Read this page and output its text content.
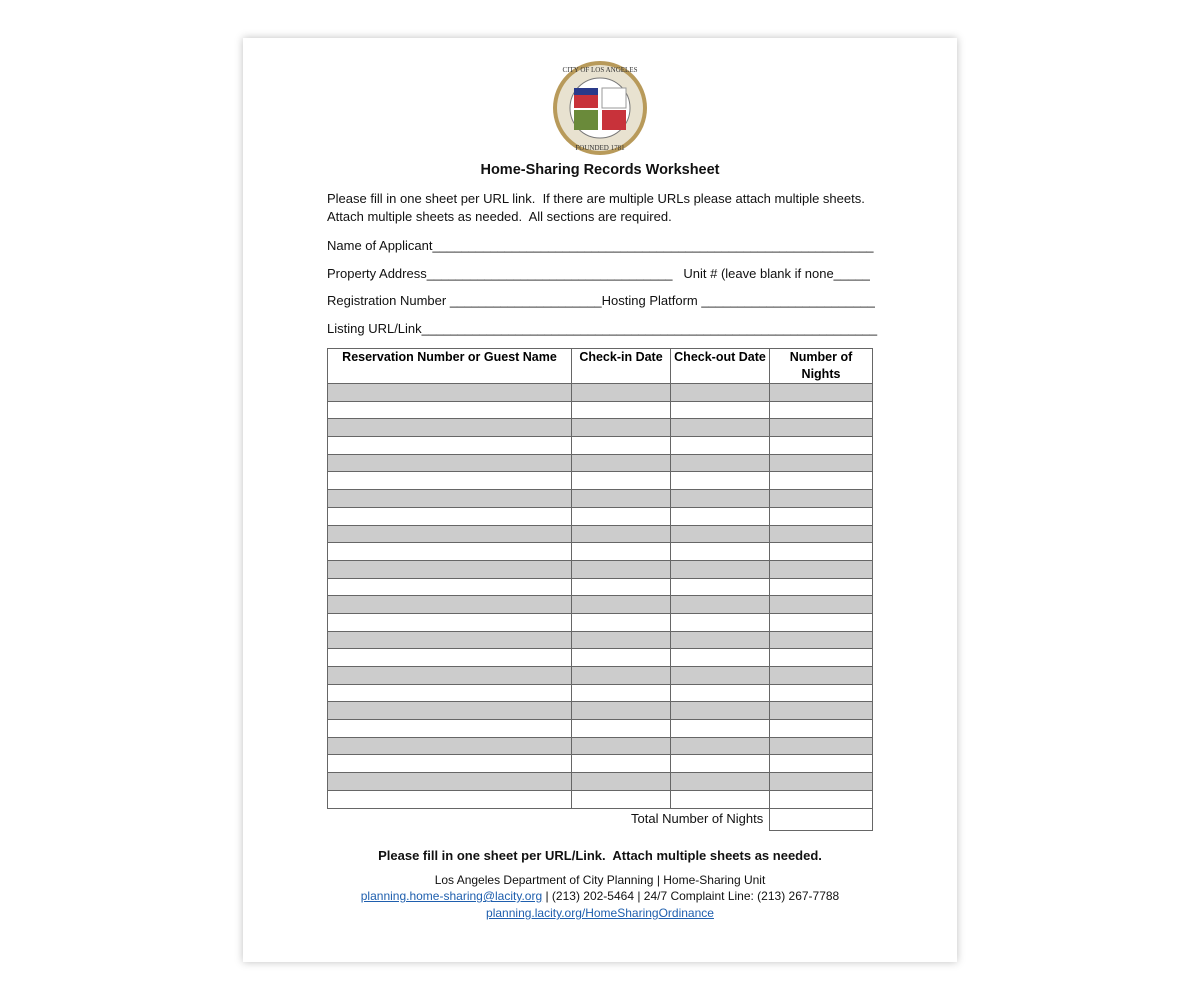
CITY OF LOS ANGELES
FOUNDED 1781
Home-Sharing Records Worksheet
Please fill in one sheet per URL link.  If there are multiple URLs please attach multiple sheets.
Attach multiple sheets as needed.  All sections are required.
Name of Applicant_____________________________________________________________
Property Address__________________________________   Unit # (leave blank if none_____
Registration Number _____________________Hosting Platform ________________________
Listing URL/Link_______________________________________________________________
Reservation Number or Guest Name	Check-in Date	Check-out Date	Number of Nights

Total Number of Nights
Please fill in one sheet per URL/Link.  Attach multiple sheets as needed.
Los Angeles Department of City Planning | Home-Sharing Unit
planning.home-sharing@lacity.org | (213) 202-5464 | 24/7 Complaint Line: (213) 267-7788
planning.lacity.org/HomeSharingOrdinance
